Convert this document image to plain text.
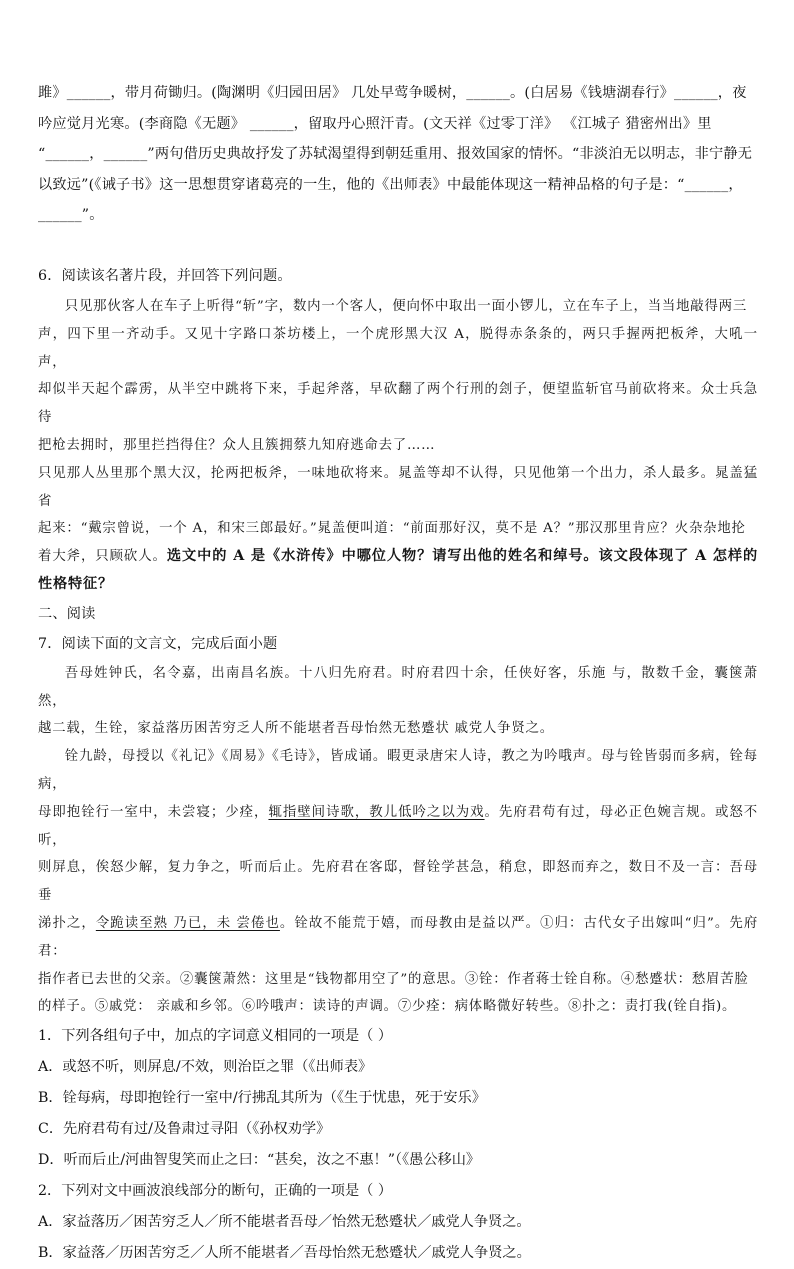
雎》______，带月荷锄归。(陶渊明《归园田居》 几处早莺争暖树，______。(白居易《钱塘湖春行》______，夜

吟应觉月光寒。(李商隐《无题》 ______，留取丹心照汗青。(文天祥《过零丁洋》 《江城子 猎密州出》里

“______，______”两句借历史典故抒发了苏轼渴望得到朝廷重用、报效国家的情怀。“非淡泊无以明志，非宁静无

以致远”(《诫子书》这一思想贯穿诸葛亮的一生，他的《出师表》中最能体现这一精神品格的句子是：“______，

______”。

6．阅读该名著片段，并回答下列问题。

只见那伙客人在车子上听得“斩”字，数内一个客人，便向怀中取出一面小锣儿，立在车子上，当当地敲得两三

声，四下里一齐动手。又见十字路口茶坊楼上，一个虎形黑大汉 A，脱得赤条条的，两只手握两把板斧，大吼一声，

却似半天起个霹雳，从半空中跳将下来，手起斧落，早砍翻了两个行刑的刽子，便望监斩官马前砍将来。众士兵急待

把枪去拥时，那里拦挡得住？众人且簇拥蔡九知府逃命去了……

只见那人丛里那个黑大汉，抡两把板斧，一味地砍将来。晁盖等却不认得，只见他第一个出力，杀人最多。晁盖猛省

起来：“戴宗曾说，一个 A，和宋三郎最好。”晁盖便叫道：“前面那好汉，莫不是 A？”那汉那里肯应？火杂杂地抡

着大斧，只顾砍人。选文中的 A 是《水浒传》中哪位人物？请写出他的姓名和绰号。该文段体现了 A 怎样的性格特征？

二、阅读

7．阅读下面的文言文，完成后面小题

吾母姓钟氏，名令嘉，出南昌名族。十八归先府君。时府君四十余，任侠好客，乐施 与，散数千金，囊箧萧然，

越二载，生铨，家益落历困苦穷乏人所不能堪者吾母怡然无愁蹙状 戚党人争贤之。

铨九龄，母授以《礼记》《周易》《毛诗》，皆成诵。暇更录唐宋人诗，教之为吟哦声。母与铨皆弱而多病，铨每病，

母即抱铨行一室中，未尝寝；少痊，辄指壁间诗歌，教儿低吟之以为戏。先府君苟有过，母必正色婉言规。或怒不听，

则屏息，俟怒少解，复力争之，听而后止。先府君在客邸，督铨学甚急，稍怠，即怒而弃之，数日不及一言：吾母垂

涕扑之，令跪读至熟 乃已，未 尝倦也。铨故不能荒于嬉，而母教由是益以严。①归：古代女子出嫁叫“归”。先府君：

指作者已去世的父亲。②囊箧萧然：这里是“钱物都用空了”的意思。③铨：作者蒋士铨自称。④愁蹙状：愁眉苦脸

的样子。⑤戚党： 亲戚和乡邻。⑥吟哦声：读诗的声调。⑦少痊：病体略微好转些。⑧扑之：责打我(铨自指)。

1．下列各组句子中，加点的字词意义相同的一项是（ ）

A．或怒不听，则屏息/不效，则治臣之罪（《出师表》

B．铨每病，母即抱铨行一室中/行拂乱其所为（《生于忧患，死于安乐》

C．先府君苟有过/及鲁肃过寻阳（《孙权劝学》

D．听而后止/河曲智叟笑而止之曰：“甚矣，汝之不惠！”（《愚公移山》

2．下列对文中画波浪线部分的断句，正确的一项是（ ）

A．家益落历／困苦穷乏人／所不能堪者吾母／怡然无愁蹙状／戚党人争贤之。

B．家益落／历困苦穷乏／人所不能堪者／吾母怡然无愁蹙状／戚党人争贤之。
